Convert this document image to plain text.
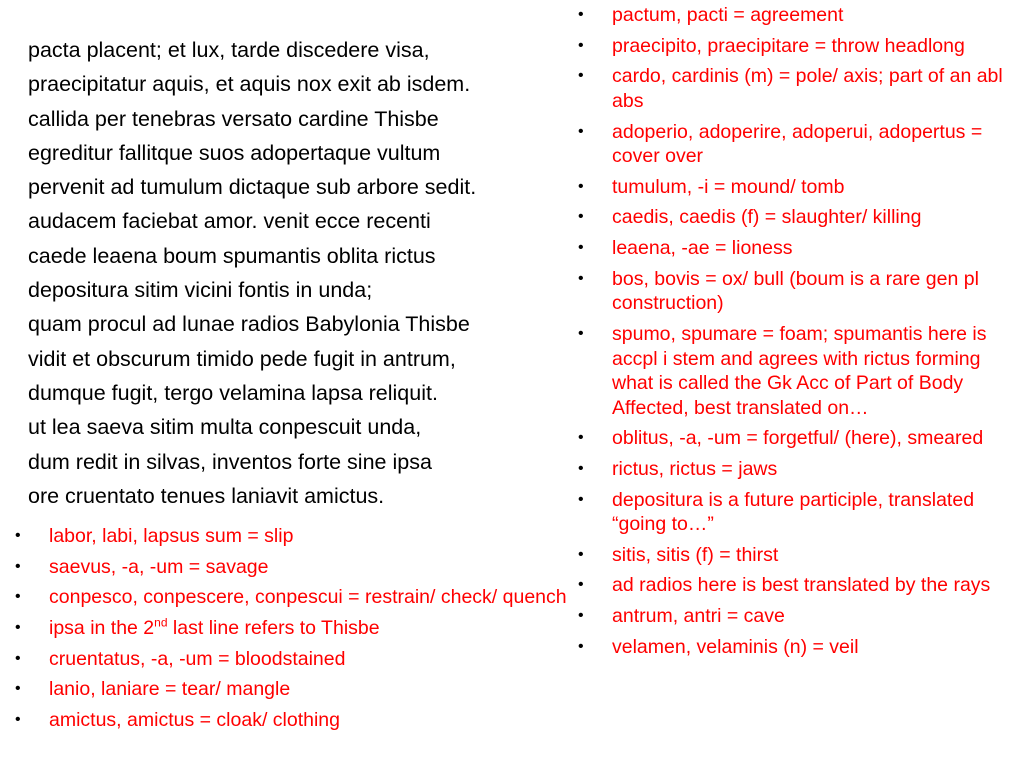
pacta placent; et lux, tarde discedere visa,
praecipitatur aquis, et aquis nox exit ab isdem.
callida per tenebras versato cardine Thisbe
egreditur fallitque suos adopertaque vultum
pervenit ad tumulum dictaque sub arbore sedit.
audacem faciebat amor. venit ecce recenti
caede leaena boum spumantis oblita rictus
depositura sitim vicini fontis in unda;
quam procul ad lunae radios Babylonia Thisbe
vidit et obscurum timido pede fugit in antrum,
dumque fugit, tergo velamina lapsa reliquit.
ut lea saeva sitim multa conpescuit unda,
dum redit in silvas, inventos forte sine ipsa
ore cruentato tenues laniavit amictus.
• labor, labi, lapsus sum = slip
• saevus, -a, -um = savage
• conpesco, conpescere, conpescui = restrain/ check/ quench
• ipsa in the 2nd last line refers to Thisbe
• cruentatus, -a, -um = bloodstained
• lanio, laniare = tear/ mangle
• amictus, amictus = cloak/ clothing
• pactum, pacti = agreement
• praecipito, praecipitare = throw headlong
• cardo, cardinis (m) = pole/ axis; part of an abl abs
• adoperio, adoperire, adoperui, adopertus = cover over
• tumulum, -i = mound/ tomb
• caedis, caedis (f) = slaughter/ killing
• leaena, -ae = lioness
• bos, bovis = ox/ bull (boum is a rare gen pl construction)
• spumo, spumare = foam; spumantis here is accpl i stem and agrees with rictus forming what is called the Gk Acc of Part of Body Affected, best translated on…
• oblitus, -a, -um = forgetful/ (here), smeared
• rictus, rictus = jaws
• depositura is a future participle, translated “going to…”
• sitis, sitis (f) = thirst
• ad radios here is best translated by the rays
• antrum, antri = cave
• velamen, velaminis (n) = veil
